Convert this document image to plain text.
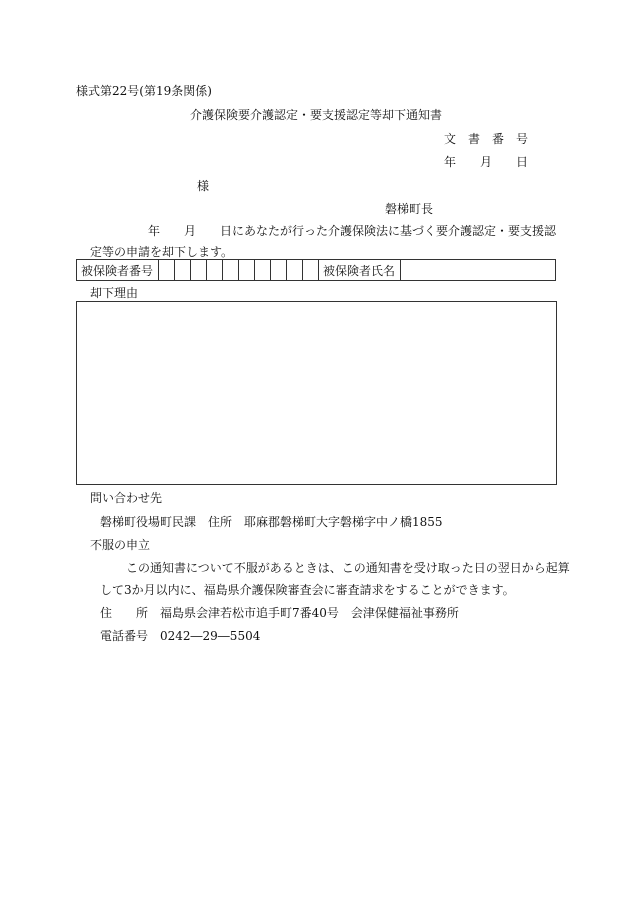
様式第22号(第19条関係)
介護保険要介護認定・要支援認定等却下通知書
文　書　番　号
年　　月　　日
様
磐梯町長
年　　月　　日にあなたが行った介護保険法に基づく要介護認定・要支援認
定等の申請を却下します。
被保険者番号											被保険者氏名	
却下理由
問い合わせ先
磐梯町役場町民課　住所　耶麻郡磐梯町大字磐梯字中ノ橋1855
不服の申立
この通知書について不服があるときは、この通知書を受け取った日の翌日から起算
して3か月以内に、福島県介護保険審査会に審査請求をすることができます。
住　　所　福島県会津若松市追手町7番40号　会津保健福祉事務所
電話番号　0242―29―5504
